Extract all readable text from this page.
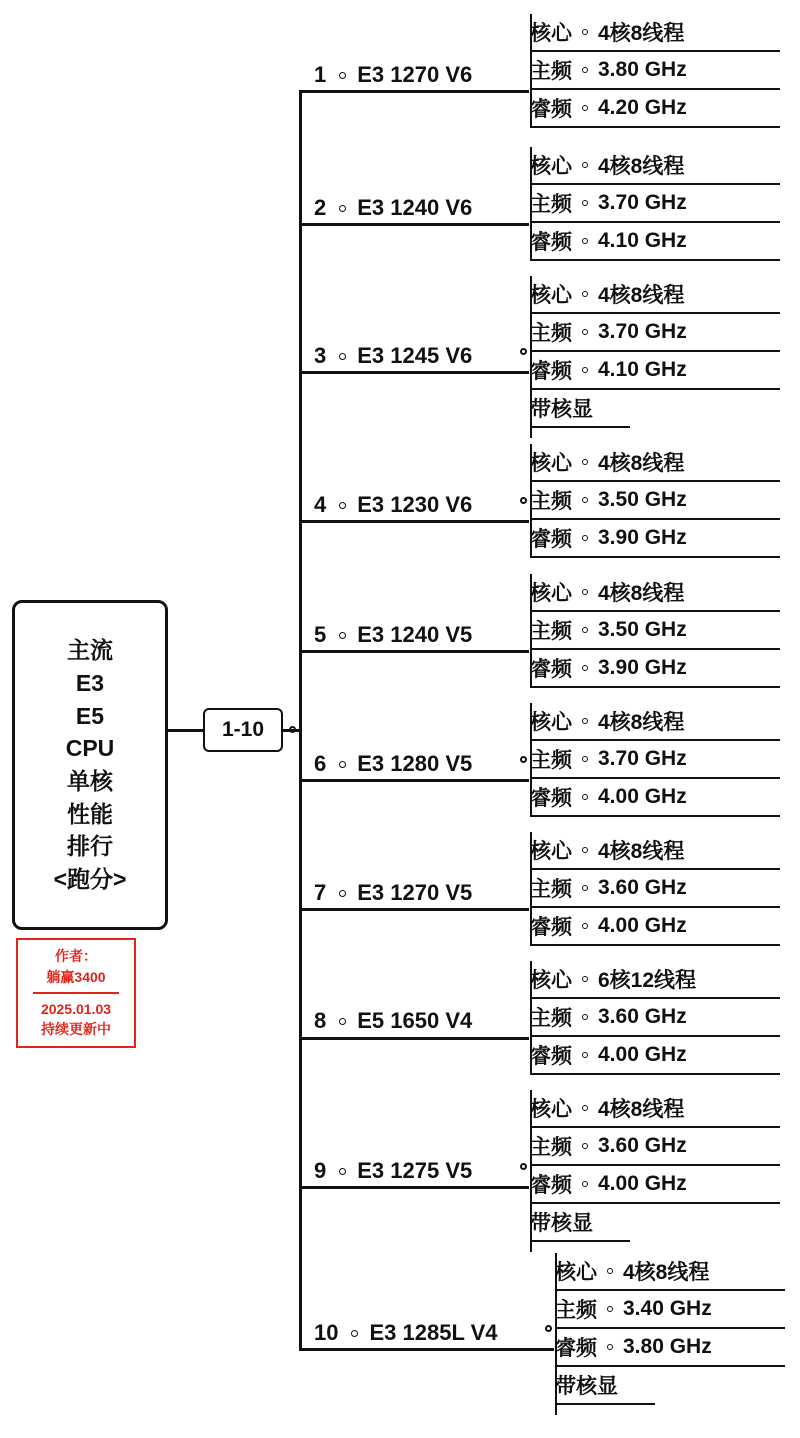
主流
E3
E5
CPU
单核
性能
排行
<跑分>
作者：
躺赢3400
2025.01.03
持续更新中
1-10
1 E3 1270 V6
核心 4核8线程
主频 3.80 GHz
睿频 4.20 GHz
2 E3 1240 V6
核心 4核8线程
主频 3.70 GHz
睿频 4.10 GHz
3 E3 1245 V6
核心 4核8线程
主频 3.70 GHz
睿频 4.10 GHz
带核显
4 E3 1230 V6
核心 4核8线程
主频 3.50 GHz
睿频 3.90 GHz
5 E3 1240 V5
核心 4核8线程
主频 3.50 GHz
睿频 3.90 GHz
6 E3 1280 V5
核心 4核8线程
主频 3.70 GHz
睿频 4.00 GHz
7 E3 1270 V5
核心 4核8线程
主频 3.60 GHz
睿频 4.00 GHz
8 E5 1650 V4
核心 6核12线程
主频 3.60 GHz
睿频 4.00 GHz
9 E3 1275 V5
核心 4核8线程
主频 3.60 GHz
睿频 4.00 GHz
带核显
10 E3 1285L V4
核心 4核8线程
主频 3.40 GHz
睿频 3.80 GHz
带核显
